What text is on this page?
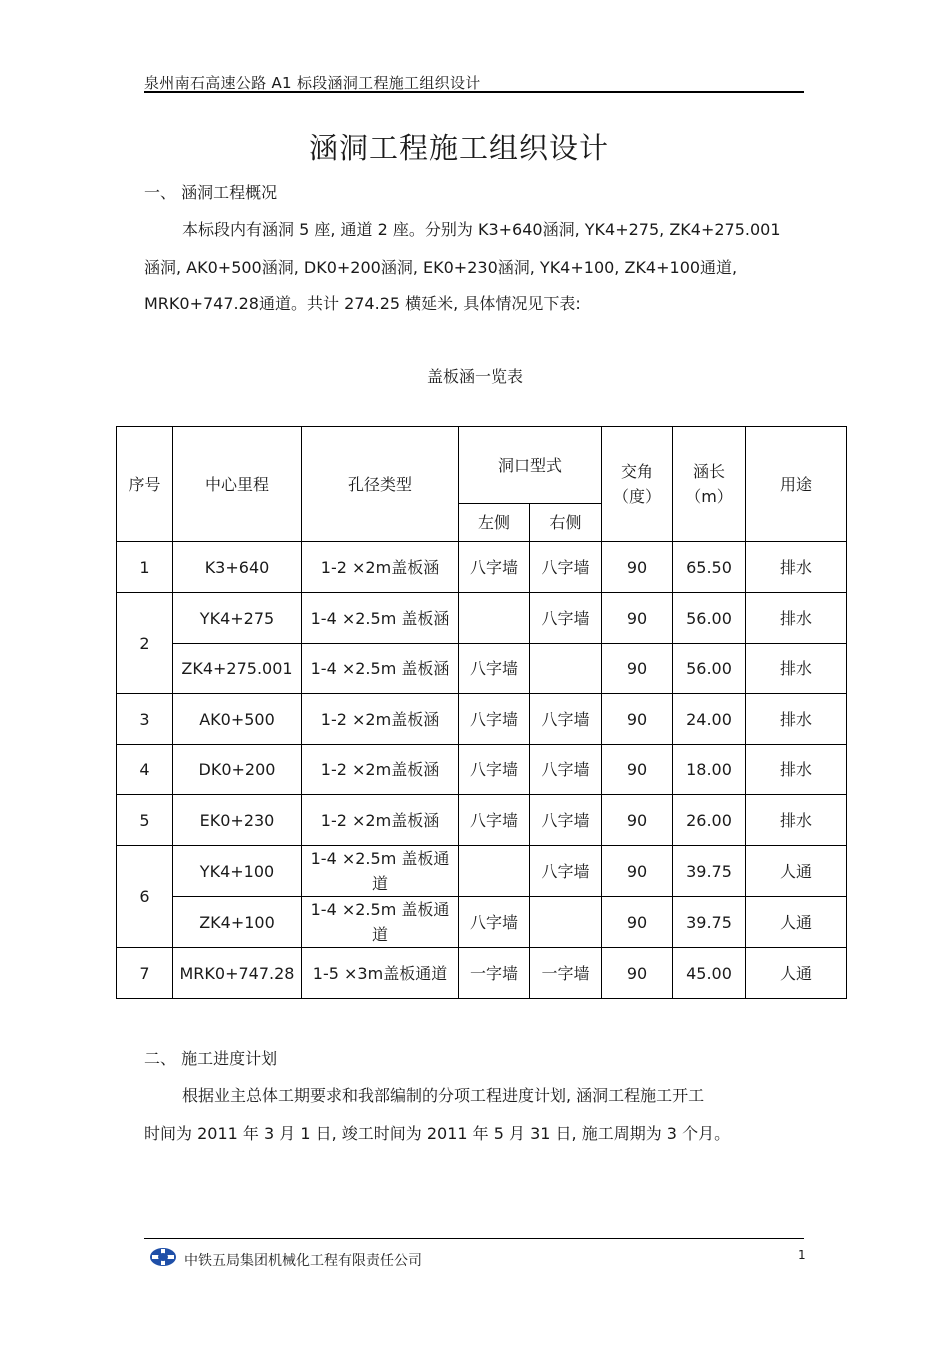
泉州南石高速公路 A1 标段涵洞工程施工组织设计
涵洞工程施工组织设计
一、 涵洞工程概况
本标段内有涵洞 5 座, 通道 2 座。分别为 K3+640涵洞, YK4+275, ZK4+275.001
涵洞, AK0+500涵洞, DK0+200涵洞, EK0+230涵洞, YK4+100, ZK4+100通道,
MRK0+747.28通道。共计 274.25 横延米, 具体情况见下表:
盖板涵一览表
序号	中心里程	孔径类型	洞口型式		交角（度）	涵长（m）	用途
			左侧	右侧			
1	K3+640	1-2 ×2m盖板涵	八字墙	八字墙	90	65.50	排水
2	YK4+275	1-4 ×2.5m 盖板涵		八字墙	90	56.00	排水
	ZK4+275.001	1-4 ×2.5m 盖板涵	八字墙		90	56.00	排水
3	AK0+500	1-2 ×2m盖板涵	八字墙	八字墙	90	24.00	排水
4	DK0+200	1-2 ×2m盖板涵	八字墙	八字墙	90	18.00	排水
5	EK0+230	1-2 ×2m盖板涵	八字墙	八字墙	90	26.00	排水
6	YK4+100	1-4 ×2.5m 盖板通道		八字墙	90	39.75	人通
	ZK4+100	1-4 ×2.5m 盖板通道	八字墙		90	39.75	人通
7	MRK0+747.28	1-5 ×3m盖板通道	一字墙	一字墙	90	45.00	人通
二、 施工进度计划
根据业主总体工期要求和我部编制的分项工程进度计划, 涵洞工程施工开工
时间为 2011 年 3 月 1 日, 竣工时间为 2011 年 5 月 31 日, 施工周期为 3 个月。
中铁五局集团机械化工程有限责任公司	1
